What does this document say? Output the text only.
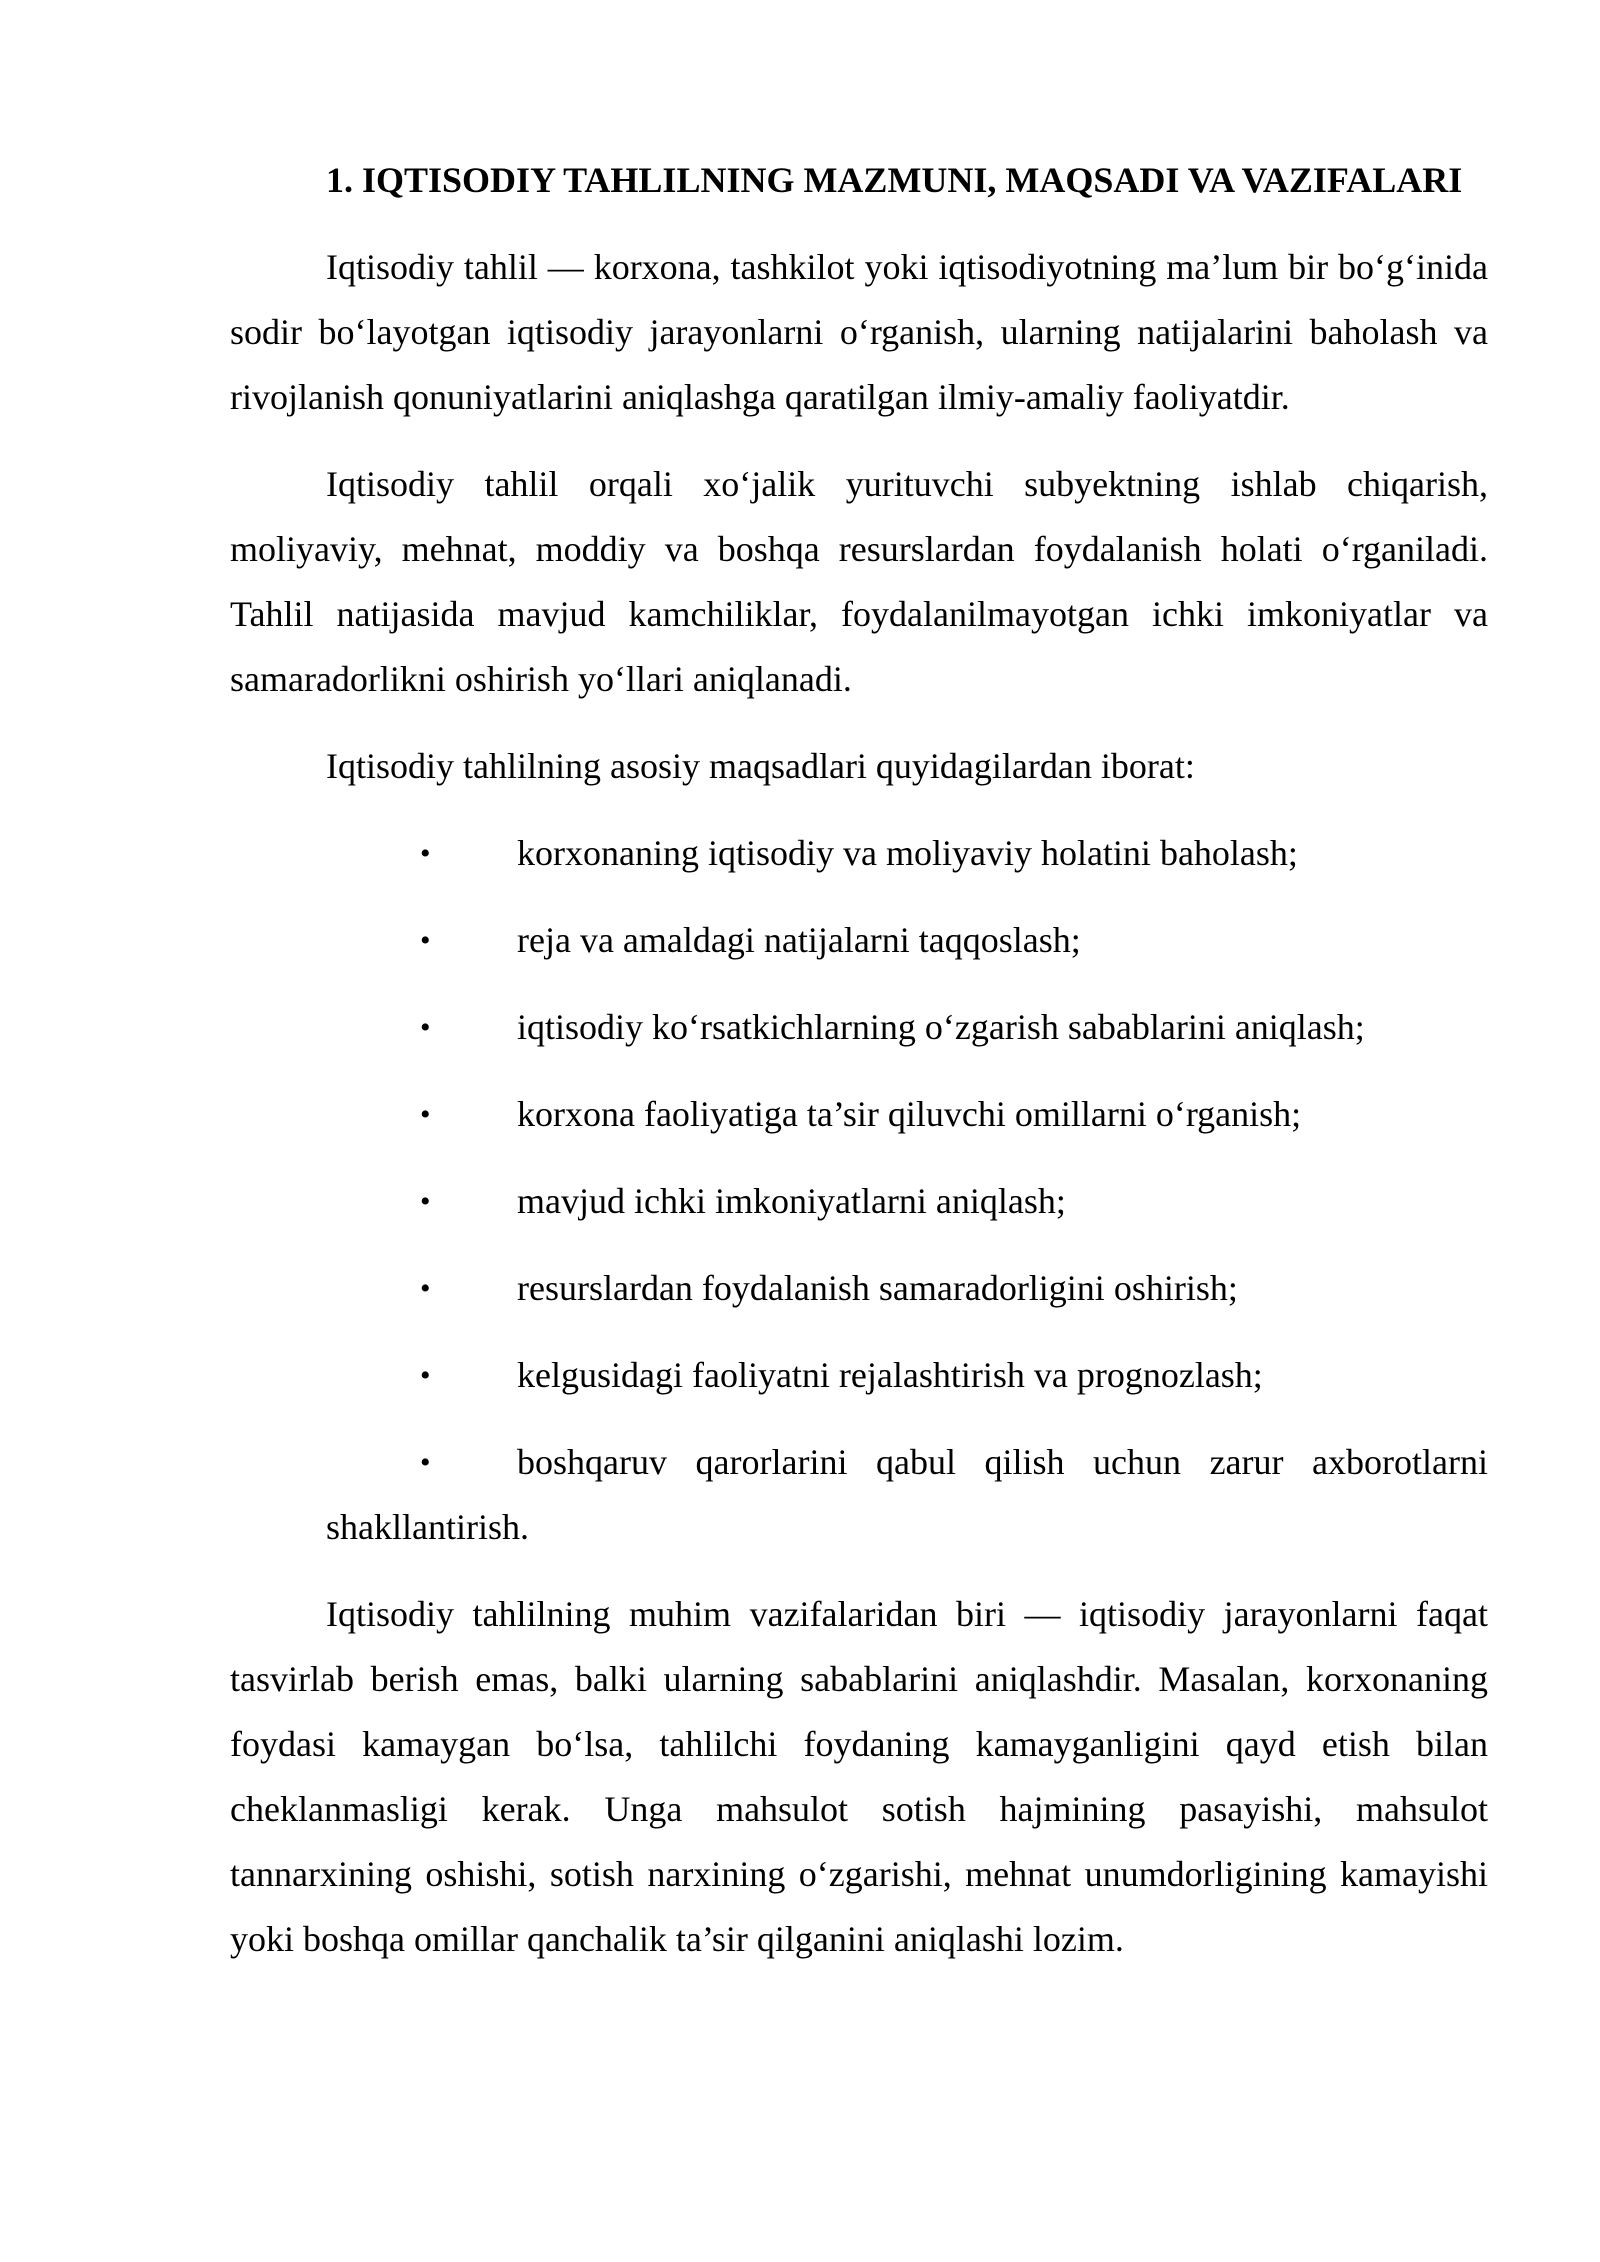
1. IQTISODIY TAHLILNING MAZMUNI, MAQSADI VA VAZIFALARI

Iqtisodiy tahlil — korxona, tashkilot yoki iqtisodiyotning ma’lum bir bo‘g‘inida sodir bo‘layotgan iqtisodiy jarayonlarni o‘rganish, ularning natijalarini baholash va rivojlanish qonuniyatlarini aniqlashga qaratilgan ilmiy-amaliy faoliyatdir.

Iqtisodiy tahlil orqali xo‘jalik yurituvchi subyektning ishlab chiqarish, moliyaviy, mehnat, moddiy va boshqa resurslardan foydalanish holati o‘rganiladi. Tahlil natijasida mavjud kamchiliklar, foydalanilmayotgan ichki imkoniyatlar va samaradorlikni oshirish yo‘llari aniqlanadi.

Iqtisodiy tahlilning asosiy maqsadlari quyidagilardan iborat:

• korxonaning iqtisodiy va moliyaviy holatini baholash;
• reja va amaldagi natijalarni taqqoslash;
• iqtisodiy ko‘rsatkichlarning o‘zgarish sabablarini aniqlash;
• korxona faoliyatiga ta’sir qiluvchi omillarni o‘rganish;
• mavjud ichki imkoniyatlarni aniqlash;
• resurslardan foydalanish samaradorligini oshirish;
• kelgusidagi faoliyatni rejalashtirish va prognozlash;
• boshqaruv qarorlarini qabul qilish uchun zarur axborotlarni shakllantirish.

Iqtisodiy tahlilning muhim vazifalaridan biri — iqtisodiy jarayonlarni faqat tasvirlab berish emas, balki ularning sabablarini aniqlashdir. Masalan, korxonaning foydasi kamaygan bo‘lsa, tahlilchi foydaning kamayganligini qayd etish bilan cheklanmasligi kerak. Unga mahsulot sotish hajmining pasayishi, mahsulot tannarxining oshishi, sotish narxining o‘zgarishi, mehnat unumdorligining kamayishi yoki boshqa omillar qanchalik ta’sir qilganini aniqlashi lozim.
